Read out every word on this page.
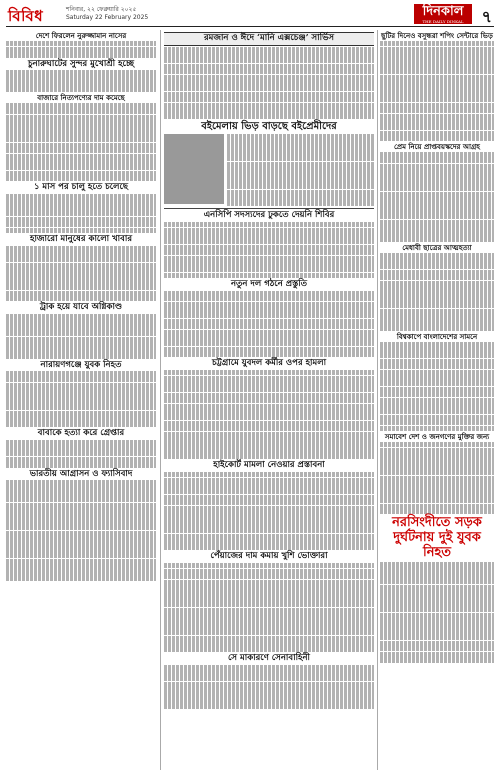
বিবিধ	শনিবার, ২২ ফেব্রুয়ারি ২০২৫
Saturday 22 February 2025	দিনকাল
THE DAILY DINKAL	৭
দেশে ফিরলেন নুরুজ্জামান নাসের
চুনারুঘাটের সুন্দর মুখোশ্রী হচ্ছে
বাজারে নিত্যপণ্যের দাম কমেছে
১ মাস পর চালু হতে চলেছে
হাজারো মানুষের কালো খাবার
ট্রাক হয়ে যাবে অগ্নিকাণ্ড
নারায়ণগঞ্জে যুবক নিহত
বাবাকে হত্যা করে গ্রেপ্তার
ভারতীয় আগ্রাসন ও ফ্যাসিবাদ
রমজান ও ঈদে ‘মানি এক্সচেঞ্জ’ সার্ভিস
বইমেলায় ভিড় বাড়ছে বইপ্রেমীদের
এনসিপি সদস্যদের ঢুকতে দেয়নি শিবির
নতুন দল গঠনে প্রস্তুতি
চট্টগ্রামে যুবদল কর্মীর ওপর হামলা
হাইকোর্ট মামলা নেওয়ার প্রস্তাবনা
পেঁয়াজের দাম কমায় খুশি ভোক্তারা
সে মাকারণে সেনাবাহিনী
ছুটির দিনেও বসুন্ধরা শপিং সেন্টারে ভিড়
প্রেম নিয়ে প্রাপ্তবয়স্কদের আগ্রহ
মেধাবী ছাত্রের আত্মহত্যা
বিশ্বকাপে বাংলাদেশের সামনে
সমাবেশ দেশ ও জনগণের মুক্তির জন্য
নরসিংদীতে সড়ক দুর্ঘটনায় দুই যুবক নিহত
